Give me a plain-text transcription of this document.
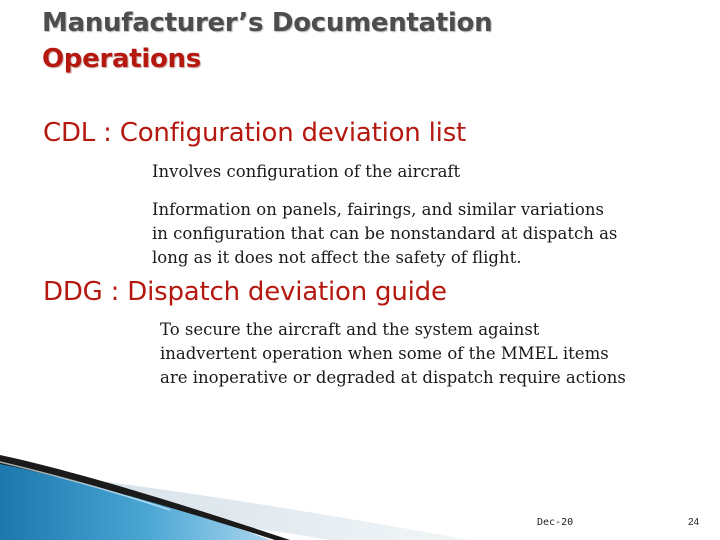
Manufacturer’s Documentation
Operations
CDL : Configuration deviation list
Involves configuration of the aircraft
Information on panels, fairings, and similar variations in configuration that can be nonstandard at dispatch as long as it does not affect the safety of flight.
DDG : Dispatch deviation guide
To secure the aircraft and the system against inadvertent operation when some of the MMEL items are inoperative or degraded at dispatch require actions
Dec-20	24
